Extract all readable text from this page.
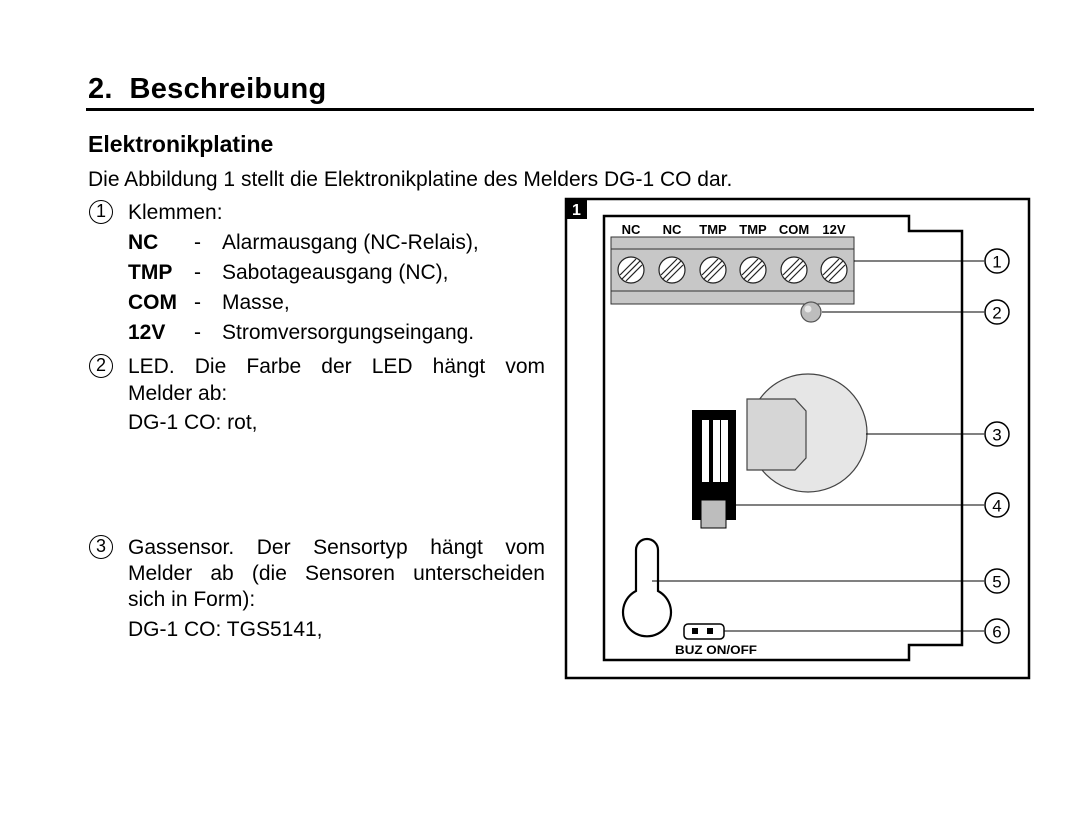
2. Beschreibung
Elektronikplatine
Die Abbildung 1 stellt die Elektronikplatine des Melders DG-1 CO dar.
1	Klemmen:
NC - Alarmausgang (NC-Relais),
TMP - Sabotageausgang (NC),
COM - Masse,
12V - Stromversorgungseingang.
2	LED. Die Farbe der LED hängt vom
Melder ab:
DG-1 CO: rot,
3	Gassensor. Der Sensortyp hängt vom
Melder ab (die Sensoren unterscheiden
sich in Form):
DG-1 CO: TGS5141,
1
NC NC TMP TMP COM 12V
BUZ ON/OFF
1
2
3
4
5
6
